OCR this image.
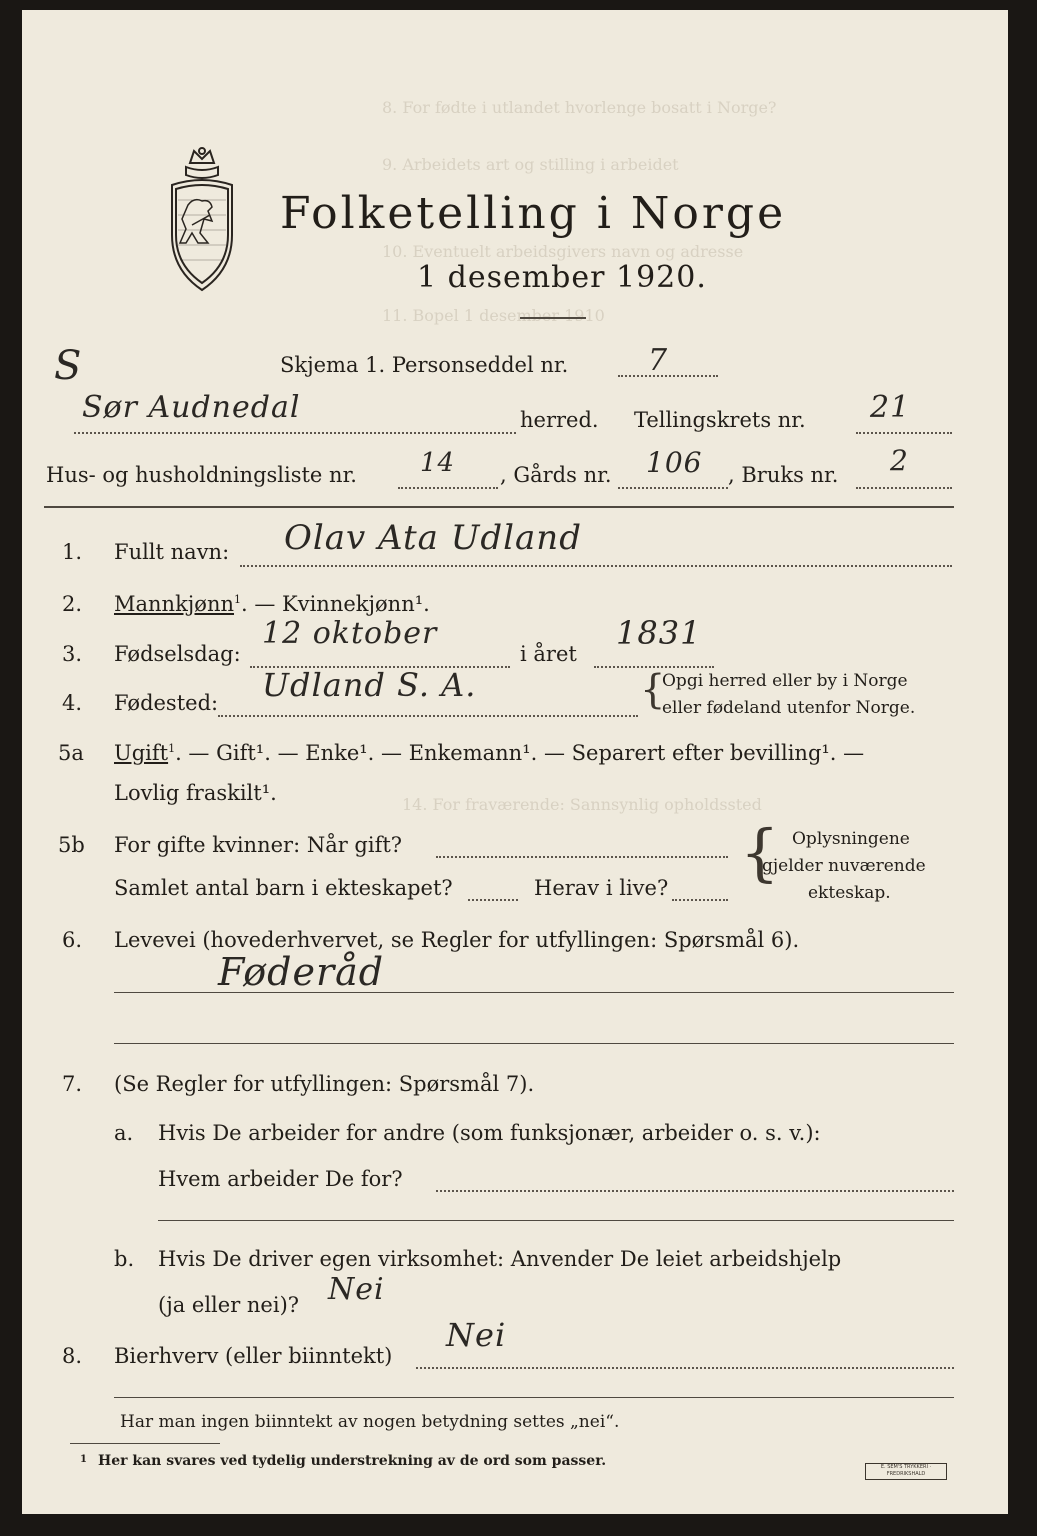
8. For fødte i utlandet hvorlenge bosatt i Norge?
9. Arbeidets art og stilling i arbeidet
10. Eventuelt arbeidsgivers navn og adresse
11. Bopel 1 desember 1910
14. For fraværende: Sannsynlig opholdssted
Folketelling i Norge
1 desember 1920.
S	Skjema 1. Personseddel nr.	7
Sør Audnedal	herred. Tellingskrets nr. 21
Hus- og husholdningsliste nr. 14 , Gårds nr. 106 , Bruks nr. 2
1. Fullt navn: Olav Ata Udland
2. Mannkjønn$^1$. — Kvinnekjønn¹.
3. Fødselsdag:
12 oktober
i året
1831
4. Fødested: Udland S. A.	{
Opgi herred eller by i Norge
eller fødeland utenfor Norge.
5a Ugift$^1$. — Gift¹. — Enke¹. — Enkemann¹. — Separert efter bevilling¹. —
Lovlig fraskilt¹.
5b For gifte kvinner: Når gift?
Samlet antal barn i ekteskapet?	Herav i live? { Oplysningene
gjelder nuværende
ekteskap.
6. Levevei (hovederhvervet, se Regler for utfyllingen: Spørsmål 6).
Føderåd
7. (Se Regler for utfyllingen: Spørsmål 7).
a. Hvis De arbeider for andre (som funksjonær, arbeider o. s. v.):
Hvem arbeider De for?
b. Hvis De driver egen virksomhet: Anvender De leiet arbeidshjelp
(ja eller nei)? Nei
8. Bierhverv (eller biinntekt)
Nei
Har man ingen biinntekt av nogen betydning settes „nei“.
1 Her kan svares ved tydelig understrekning av de ord som passer.	E. SEM'S TRYKKERI · FREDRIKSHALD
